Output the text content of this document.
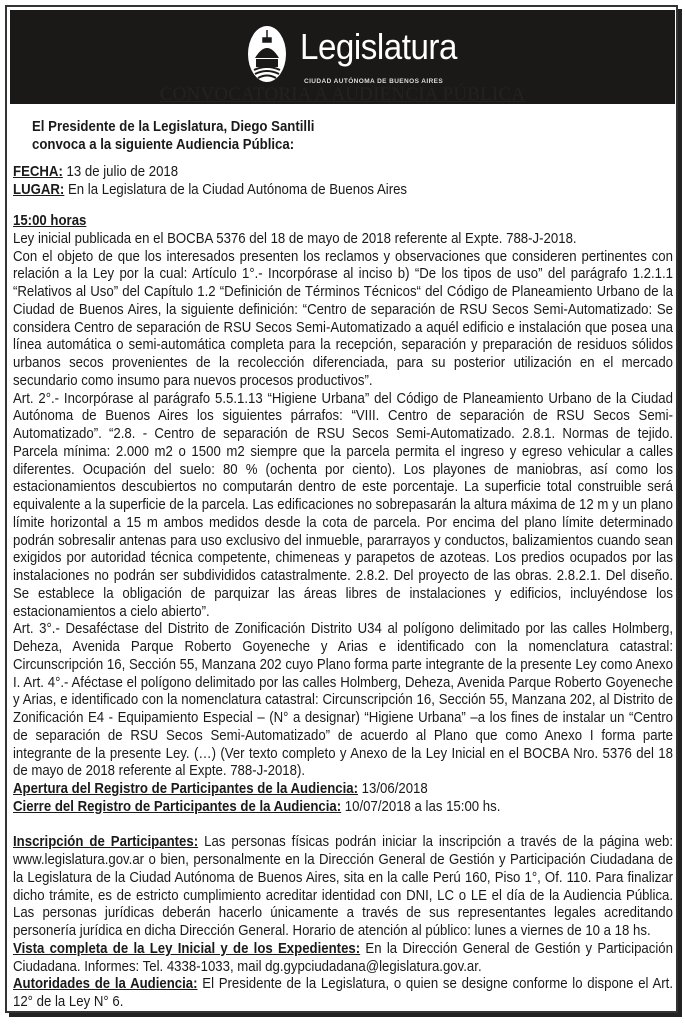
Legislatura
CIUDAD AUTÓNOMA DE BUENOS AIRES
CONVOCATORIA A AUDIENCIA PÚBLICA
El Presidente de la Legislatura, Diego Santilli
convoca a la siguiente Audiencia Pública:
FECHA: 13 de julio de 2018
LUGAR: En la Legislatura de la Ciudad Autónoma de Buenos Aires
15:00 horas

Ley inicial publicada en el BOCBA 5376 del 18 de mayo de 2018 referente al Expte. 788-J-2018.

Con el objeto de que los interesados presenten los reclamos y observaciones que consideren pertinentes con relación a la Ley por la cual: Artículo 1°.- Incorpórase al inciso b) “De los tipos de uso” del parágrafo 1.2.1.1 “Relativos al Uso” del Capítulo 1.2 “Definición de Términos Técnicos“ del Código de Planeamiento Urbano de la Ciudad de Buenos Aires, la siguiente definición: “Centro de separación de RSU Secos Semi-Automatizado: Se considera Centro de separación de RSU Secos Semi-Automatizado a aquél edificio e instalación que posea una línea automática o semi-automática completa para la recepción, separación y preparación de residuos sólidos urbanos secos provenientes de la recolección diferenciada, para su posterior utilización en el mercado secundario como insumo para nuevos procesos productivos”.

Art. 2°.- Incorpórase al parágrafo 5.5.1.13 “Higiene Urbana” del Código de Planeamiento Urbano de la Ciudad Autónoma de Buenos Aires los siguientes párrafos: “VIII. Centro de separación de RSU Secos Semi-Automatizado”. “2.8. - Centro de separación de RSU Secos Semi-Automatizado. 2.8.1. Normas de tejido. Parcela mínima: 2.000 m2 o 1500 m2 siempre que la parcela permita el ingreso y egreso vehicular a calles diferentes. Ocupación del suelo: 80 % (ochenta por ciento). Los playones de maniobras, así como los estacionamientos descubiertos no computarán dentro de este porcentaje. La superficie total construible será equivalente a la superficie de la parcela. Las edificaciones no sobrepasarán la altura máxima de 12 m y un plano límite horizontal a 15 m ambos medidos desde la cota de parcela. Por encima del plano límite determinado podrán sobresalir antenas para uso exclusivo del inmueble, pararrayos y conductos, balizamientos cuando sean exigidos por autoridad técnica competente, chimeneas y parapetos de azoteas. Los predios ocupados por las instalaciones no podrán ser subdivididos catastralmente. 2.8.2. Del proyecto de las obras. 2.8.2.1. Del diseño. Se establece la obligación de parquizar las áreas libres de instalaciones y edificios, incluyéndose los estacionamientos a cielo abierto”.

Art. 3°.- Desaféctase del Distrito de Zonificación Distrito U34 al polígono delimitado por las calles Holmberg, Deheza, Avenida Parque Roberto Goyeneche y Arias e identificado con la nomenclatura catastral: Circunscripción 16, Sección 55, Manzana 202 cuyo Plano forma parte integrante de la presente Ley como Anexo I. Art. 4°.- Aféctase el polígono delimitado por las calles Holmberg, Deheza, Avenida Parque Roberto Goyeneche y Arias, e identificado con la nomenclatura catastral: Circunscripción 16, Sección 55, Manzana 202, al Distrito de Zonificación E4 - Equipamiento Especial – (N° a designar) “Higiene Urbana” –a los fines de instalar un “Centro de separación de RSU Secos Semi-Automatizado” de acuerdo al Plano que como Anexo I forma parte integrante de la presente Ley. (…) (Ver texto completo y Anexo de la Ley Inicial en el BOCBA Nro. 5376 del 18 de mayo de 2018 referente al Expte. 788-J-2018).

Apertura del Registro de Participantes de la Audiencia: 13/06/2018

Cierre del Registro de Participantes de la Audiencia: 10/07/2018 a las 15:00 hs.

Inscripción de Participantes: Las personas físicas podrán iniciar la inscripción a través de la página web: www.legislatura.gov.ar o bien, personalmente en la Dirección General de Gestión y Participación Ciudadana de la Legislatura de la Ciudad Autónoma de Buenos Aires, sita en la calle Perú 160, Piso 1°, Of. 110. Para finalizar dicho trámite, es de estricto cumplimiento acreditar identidad con DNI, LC o LE el día de la Audiencia Pública. Las personas jurídicas deberán hacerlo únicamente a través de sus representantes legales acreditando personería jurídica en dicha Dirección General. Horario de atención al público: lunes a viernes de 10 a 18 hs.

Vista completa de la Ley Inicial y de los Expedientes: En la Dirección General de Gestión y Participación Ciudadana. Informes: Tel. 4338-1033, mail dg.gypciudadana@legislatura.gov.ar.

Autoridades de la Audiencia: El Presidente de la Legislatura, o quien se designe conforme lo dispone el Art. 12° de la Ley N° 6.
